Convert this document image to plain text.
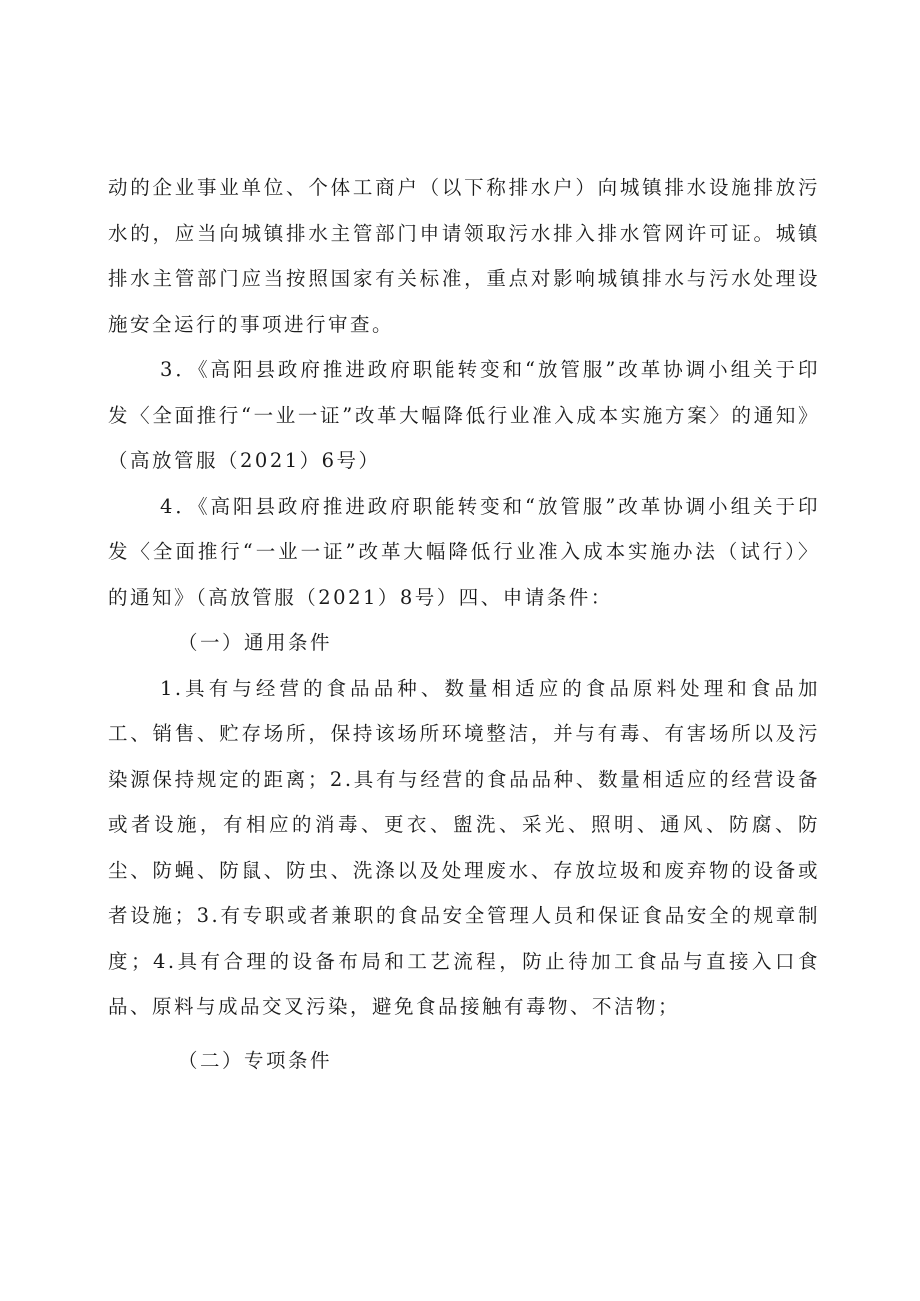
动的企业事业单位、个体工商户（以下称排水户）向城镇排水设施排放污水的，应当向城镇排水主管部门申请领取污水排入排水管网许可证。城镇排水主管部门应当按照国家有关标准，重点对影响城镇排水与污水处理设施安全运行的事项进行审查。

3．《高阳县政府推进政府职能转变和“放管服”改革协调小组关于印发〈全面推行“一业一证”改革大幅降低行业准入成本实施方案〉的通知》（高放管服（2021）6号）

4．《高阳县政府推进政府职能转变和“放管服”改革协调小组关于印发〈全面推行“一业一证”改革大幅降低行业准入成本实施办法（试行）〉的通知》（高放管服（2021）8号）四、申请条件：

（一）通用条件

1.具有与经营的食品品种、数量相适应的食品原料处理和食品加工、销售、贮存场所，保持该场所环境整洁，并与有毒、有害场所以及污染源保持规定的距离；2.具有与经营的食品品种、数量相适应的经营设备或者设施，有相应的消毒、更衣、盥洗、采光、照明、通风、防腐、防尘、防蝇、防鼠、防虫、洗涤以及处理废水、存放垃圾和废弃物的设备或者设施；3.有专职或者兼职的食品安全管理人员和保证食品安全的规章制度；4.具有合理的设备布局和工艺流程，防止待加工食品与直接入口食品、原料与成品交叉污染，避免食品接触有毒物、不洁物；

（二）专项条件
